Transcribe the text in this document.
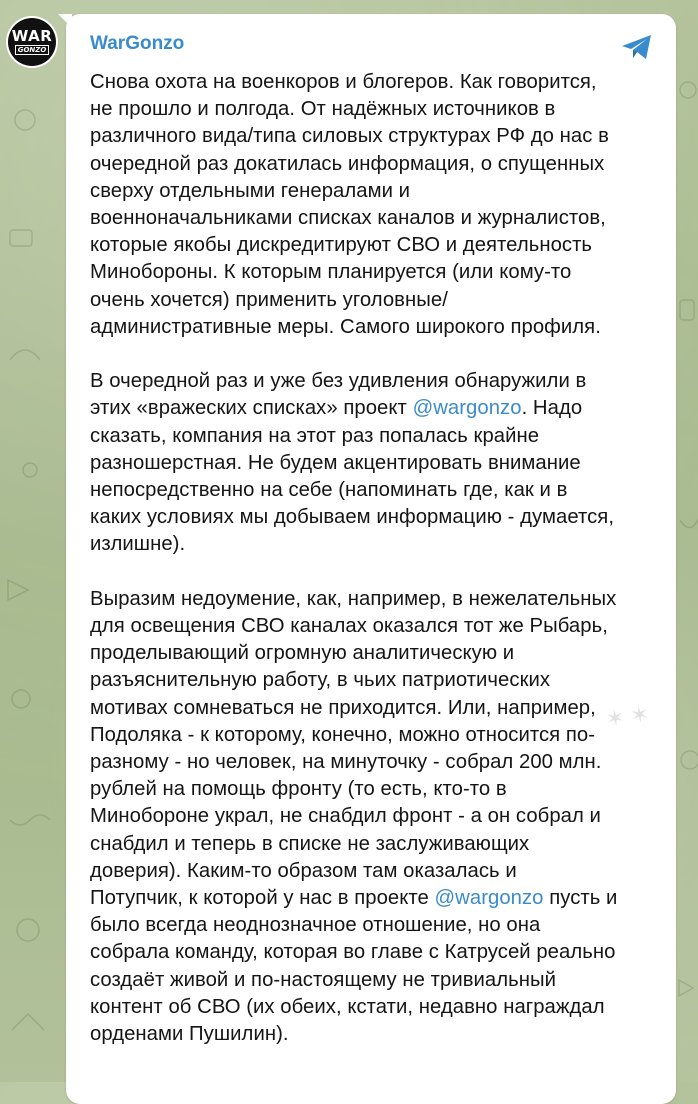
WAR
GONZO WarGonzo

Снова охота на военкоров и блогеров. Как говорится,
не прошло и полгода. От надёжных источников в
различного вида/типа силовых структурах РФ до нас в
очередной раз докатилась информация, о спущенных
сверху отдельными генералами и
военноначальниками списках каналов и журналистов,
которые якобы дискредитируют СВО и деятельность
Минобороны. К которым планируется (или кому-то
очень хочется) применить уголовные/
административные меры. Самого широкого профиля.

В очередной раз и уже без удивления обнаружили в
этих «вражеских списках» проект @wargonzo. Надо
сказать, компания на этот раз попалась крайне
разношерстная. Не будем акцентировать внимание
непосредственно на себе (напоминать где, как и в
каких условиях мы добываем информацию - думается,
излишне).

Выразим недоумение, как, например, в нежелательных
для освещения СВО каналах оказался тот же Рыбарь,
проделывающий огромную аналитическую и
разъяснительную работу, в чьих патриотических
мотивах сомневаться не приходится. Или, например,
Подоляка - к которому, конечно, можно относится по-
разному - но человек, на минуточку - собрал 200 млн.
рублей на помощь фронту (то есть, кто-то в
Минобороне украл, не снабдил фронт - а он собрал и
снабдил и теперь в списке не заслуживающих
доверия). Каким-то образом там оказалась и
Потупчик, к которой у нас в проекте @wargonzo пусть и
было всегда неоднозначное отношение, но она
собрала команду, которая во главе с Катрусей реально
создаёт живой и по-настоящему не тривиальный
контент об СВО (их обеих, кстати, недавно награждал
орденами Пушилин).

✶ ✶
